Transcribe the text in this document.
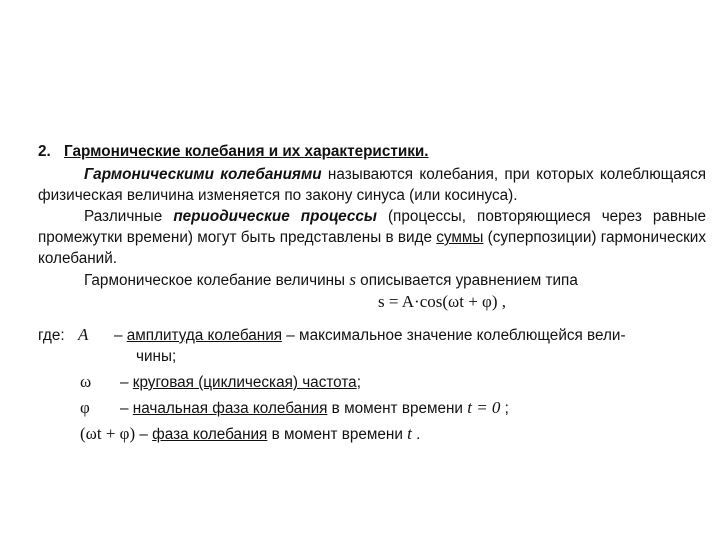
2. Гармонические колебания и их характеристики.
Гармоническими колебаниями называются колебания, при которых колеблющаяся физическая величина изменяется по закону синуса (или косинуса).
Различные периодические процессы (процессы, повторяющиеся через равные промежутки времени) могут быть представлены в виде суммы (суперпозиции) гармонических колебаний.
Гармоническое колебание величины s описывается уравнением типа
s = A·cos(ωt + φ) ,
где: A – амплитуда колебания – максимальное значение колеблющейся вели-
чины;
ω – круговая (циклическая) частота;
φ – начальная фаза колебания в момент времени t = 0 ;
(ωt + φ) – фаза колебания в момент времени t .
